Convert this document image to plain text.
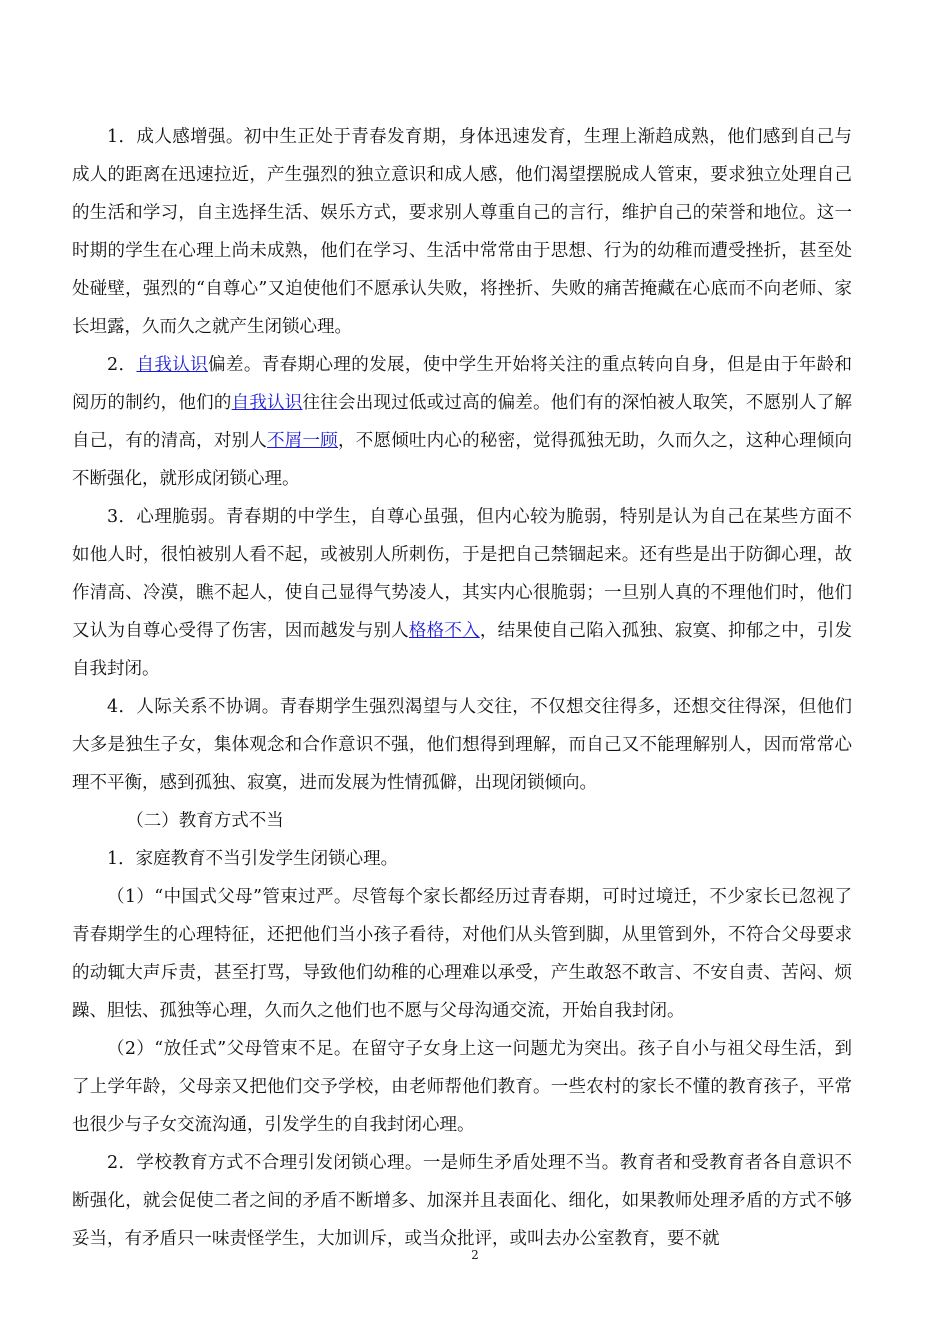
1．成人感增强。初中生正处于青春发育期，身体迅速发育，生理上渐趋成熟，他们感到自己与成人的距离在迅速拉近，产生强烈的独立意识和成人感，他们渴望摆脱成人管束，要求独立处理自己的生活和学习，自主选择生活、娱乐方式，要求别人尊重自己的言行，维护自己的荣誉和地位。这一时期的学生在心理上尚未成熟，他们在学习、生活中常常由于思想、行为的幼稚而遭受挫折，甚至处处碰壁，强烈的“自尊心”又迫使他们不愿承认失败，将挫折、失败的痛苦掩藏在心底而不向老师、家长坦露，久而久之就产生闭锁心理。

2．自我认识偏差。青春期心理的发展，使中学生开始将关注的重点转向自身，但是由于年龄和阅历的制约，他们的自我认识往往会出现过低或过高的偏差。他们有的深怕被人取笑，不愿别人了解自己，有的清高，对别人不屑一顾，不愿倾吐内心的秘密，觉得孤独无助，久而久之，这种心理倾向不断强化，就形成闭锁心理。

3．心理脆弱。青春期的中学生，自尊心虽强，但内心较为脆弱，特别是认为自己在某些方面不如他人时，很怕被别人看不起，或被别人所刺伤，于是把自己禁锢起来。还有些是出于防御心理，故作清高、冷漠，瞧不起人，使自己显得气势凌人，其实内心很脆弱；一旦别人真的不理他们时，他们又认为自尊心受得了伤害，因而越发与别人格格不入，结果使自己陷入孤独、寂寞、抑郁之中，引发自我封闭。

4．人际关系不协调。青春期学生强烈渴望与人交往，不仅想交往得多，还想交往得深，但他们大多是独生子女，集体观念和合作意识不强，他们想得到理解，而自己又不能理解别人，因而常常心理不平衡，感到孤独、寂寞，进而发展为性情孤僻，出现闭锁倾向。

（二）教育方式不当

1．家庭教育不当引发学生闭锁心理。

（1）“中国式父母”管束过严。尽管每个家长都经历过青春期，可时过境迁，不少家长已忽视了青春期学生的心理特征，还把他们当小孩子看待，对他们从头管到脚，从里管到外，不符合父母要求的动辄大声斥责，甚至打骂，导致他们幼稚的心理难以承受，产生敢怒不敢言、不安自责、苦闷、烦躁、胆怯、孤独等心理，久而久之他们也不愿与父母沟通交流，开始自我封闭。

（2）“放任式”父母管束不足。在留守子女身上这一问题尤为突出。孩子自小与祖父母生活，到了上学年龄，父母亲又把他们交予学校，由老师帮他们教育。一些农村的家长不懂的教育孩子，平常也很少与子女交流沟通，引发学生的自我封闭心理。

2．学校教育方式不合理引发闭锁心理。一是师生矛盾处理不当。教育者和受教育者各自意识不断强化，就会促使二者之间的矛盾不断增多、加深并且表面化、细化，如果教师处理矛盾的方式不够妥当，有矛盾只一味责怪学生，大加训斥，或当众批评，或叫去办公室教育，要不就

2
